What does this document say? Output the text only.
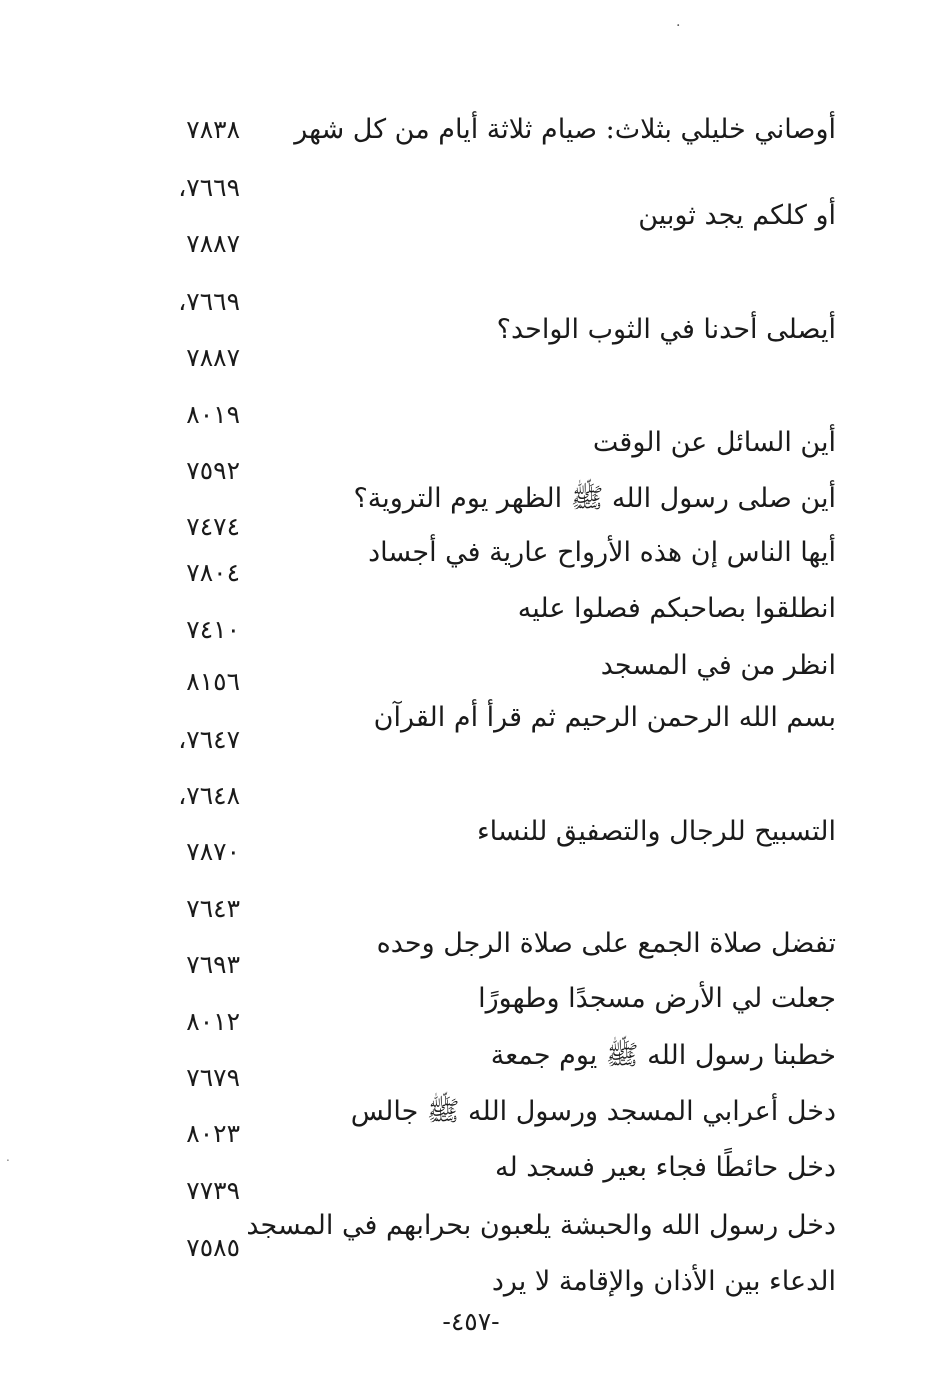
.
.
أوصاني خليلي بثلاث: صيام ثلاثة أيام من كل شهر
أو كلكم يجد ثوبين
أيصلى أحدنا في الثوب الواحد؟
أين السائل عن الوقت
أين صلى رسول الله ﷺ الظهر يوم التروية؟
أيها الناس إن هذه الأرواح عارية في أجساد
انطلقوا بصاحبكم فصلوا عليه
انظر من في المسجد
بسم الله الرحمن الرحيم ثم قرأ أم القرآن
التسبيح للرجال والتصفيق للنساء
تفضل صلاة الجمع على صلاة الرجل وحده
جعلت لي الأرض مسجدًا وطهورًا
خطبنا رسول الله ﷺ يوم جمعة
دخل أعرابي المسجد ورسول الله ﷺ جالس
دخل حائطًا فجاء بعير فسجد له
دخل رسول الله والحبشة يلعبون بحرابهم في المسجد
الدعاء بين الأذان والإقامة لا يرد
٧٨٣٨
٧٦٦٩،
٧٨٨٧
٧٦٦٩،
٧٨٨٧
٨٠١٩
٧٥٩٢
٧٤٧٤
٧٨٠٤
٧٤١٠
٨١٥٦
٧٦٤٧،
٧٦٤٨،
٧٨٧٠
٧٦٤٣
٧٦٩٣
٨٠١٢
٧٦٧٩
٨٠٢٣
٧٧٣٩
٧٥٨٥
-٤٥٧-
